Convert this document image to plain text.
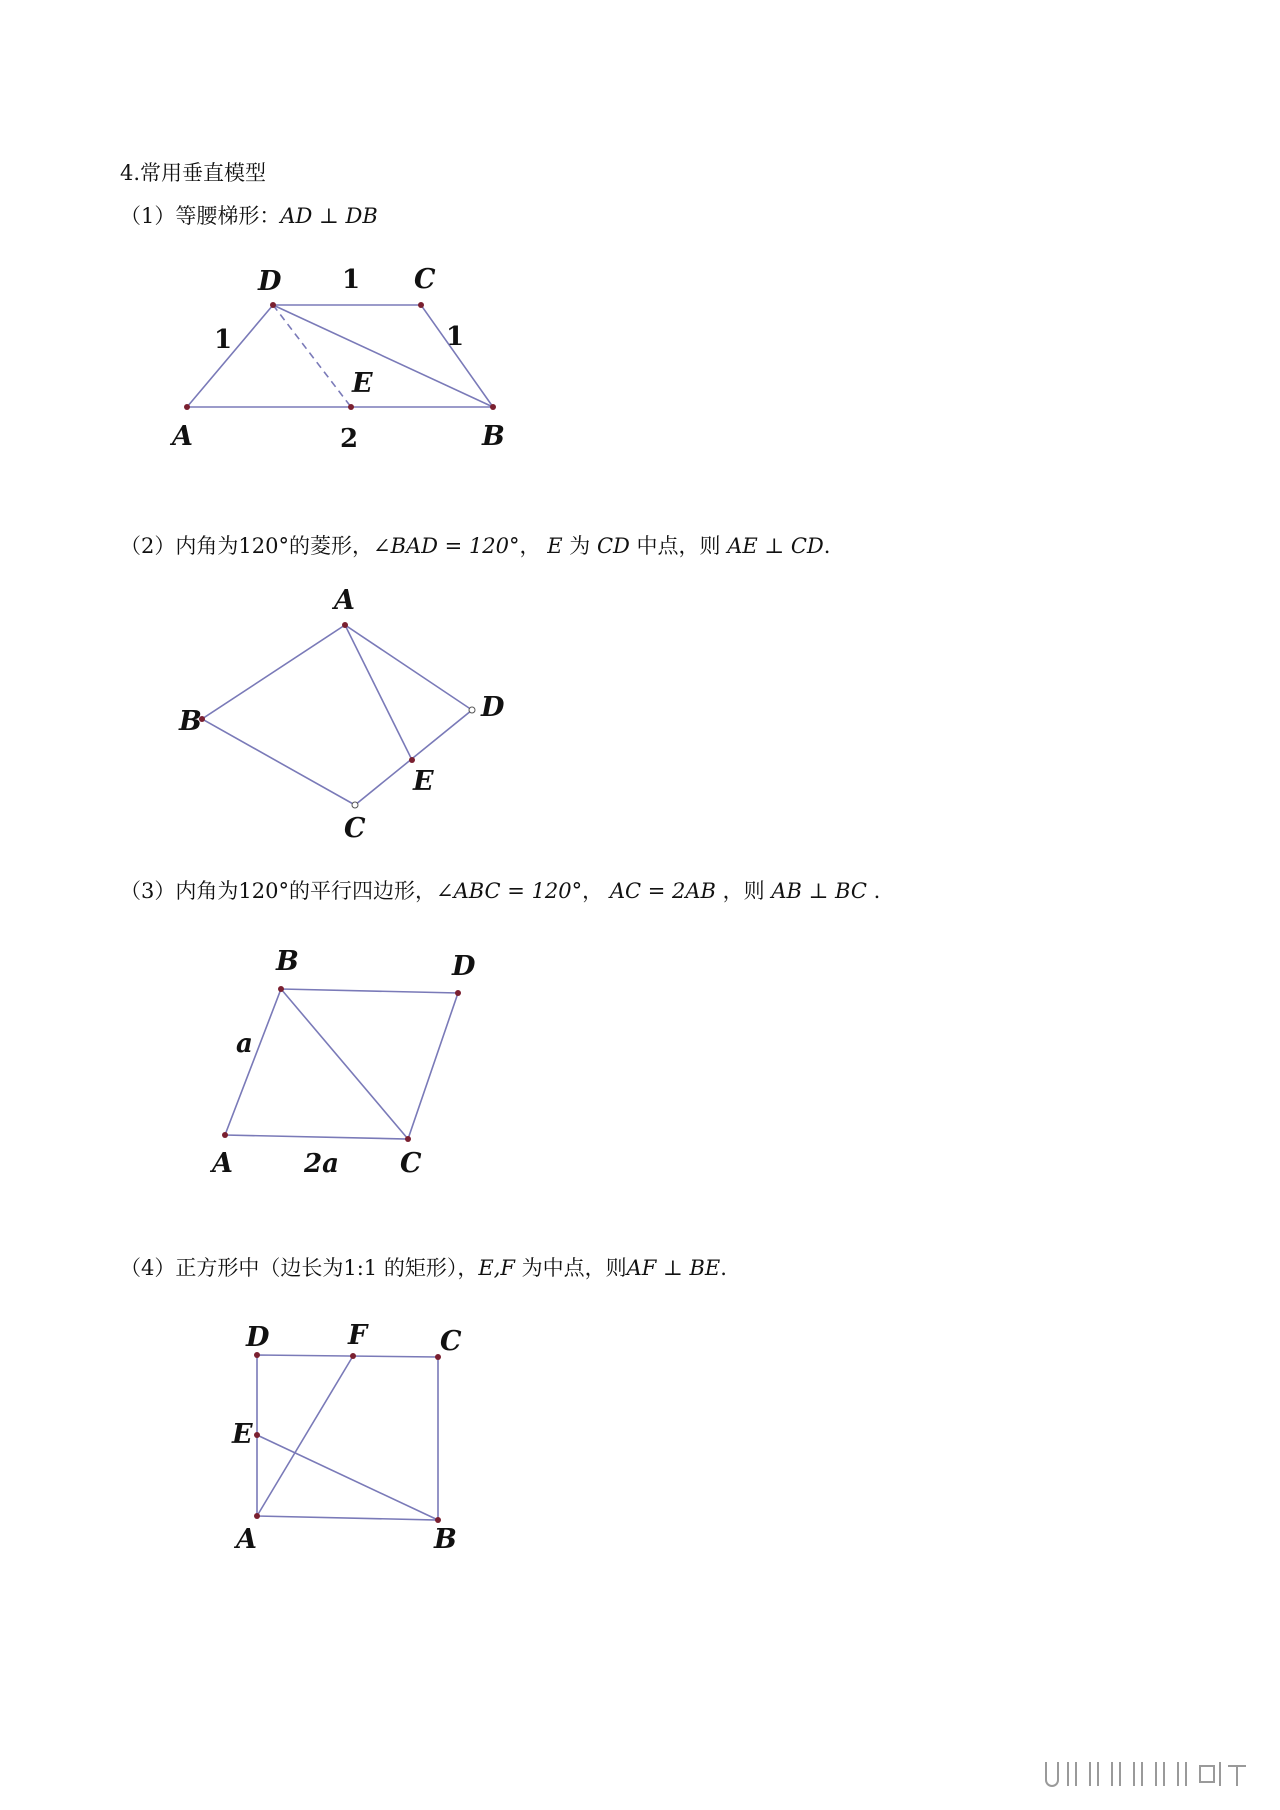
4.常用垂直模型
（1）等腰梯形：AD ⊥ DB
D	C
A	B
E
1
1	1
2
（2）内角为120°的菱形，∠BAD = 120°， E 为 CD 中点，则 AE ⊥ CD.
A
B
C
D
E
（3）内角为120°的平行四边形，∠ABC = 120°， AC = 2AB ，则 AB ⊥ BC .
B	D
C
A
a
2a
（4）正方形中（边长为1:1 的矩形），E,F 为中点，则AF ⊥ BE.
D	F	C
E
A	B
